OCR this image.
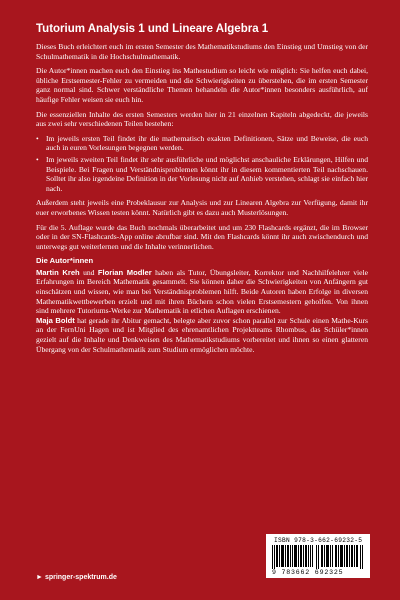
Tutorium Analysis 1 und Lineare Algebra 1

Dieses Buch erleichtert euch im ersten Semester des Mathematikstudiums den Einstieg und Umstieg von der Schulmathematik in die Hochschulmathematik.

Die Autor*innen machen euch den Einstieg ins Mathestudium so leicht wie möglich: Sie helfen euch dabei, übliche Erstsemester-Fehler zu vermeiden und die Schwierigkeiten zu überstehen, die im ersten Semester ganz normal sind. Schwer verständliche Themen behandeln die Autor*innen besonders ausführlich, auf häufige Fehler weisen sie euch hin.

Die essenziellen Inhalte des ersten Semesters werden hier in 21 einzelnen Kapiteln abgedeckt, die jeweils aus zwei sehr verschiedenen Teilen bestehen:

• Im jeweils ersten Teil findet ihr die mathematisch exakten Definitionen, Sätze und Beweise, die euch auch in euren Vorlesungen begegnen werden.
• Im jeweils zweiten Teil findet ihr sehr ausführliche und möglichst anschauliche Erklärungen, Hilfen und Beispiele. Bei Fragen und Verständnisproblemen könnt ihr in diesem kommentierten Teil nachschauen. Solltet ihr also irgendeine Definition in der Vorlesung nicht auf Anhieb verstehen, schlagt sie einfach hier nach.

Außerdem steht jeweils eine Probeklausur zur Analysis und zur Linearen Algebra zur Verfügung, damit ihr euer erworbenes Wissen testen könnt. Natürlich gibt es dazu auch Musterlösungen.

Für die 5. Auflage wurde das Buch nochmals überarbeitet und um 230 Flashcards ergänzt, die im Browser oder in der SN-Flashcards-App online abrufbar sind. Mit den Flashcards könnt ihr auch zwischendurch und unterwegs gut weiterlernen und die Inhalte verinnerlichen.

Die Autor*innen

Martin Kreh und Florian Modler haben als Tutor, Übungsleiter, Korrektor und Nachhilfelehrer viele Erfahrungen im Bereich Mathematik gesammelt. Sie können daher die Schwierigkeiten von Anfängern gut einschätzen und wissen, wie man bei Verständnisproblemen hilft. Beide Autoren haben Erfolge in diversen Mathematikwettbewerben erzielt und mit ihren Büchern schon vielen Erstsemestern geholfen. Von ihnen sind mehrere Tutoriums-Werke zur Mathematik in etlichen Auflagen erschienen.

Maja Boldt hat gerade ihr Abitur gemacht, belegte aber zuvor schon parallel zur Schule einen Mathe-Kurs an der FernUni Hagen und ist Mitglied des ehrenamtlichen Projektteams Rhombus, das Schüler*innen gezielt auf die Inhalte und Denkweisen des Mathematikstudiums vorbereitet und ihnen so einen glatteren Übergang von der Schulmathematik zum Studium ermöglichen möchte.

ISBN 978-3-662-69232-5
9 783662 692325
► springer-spektrum.de
